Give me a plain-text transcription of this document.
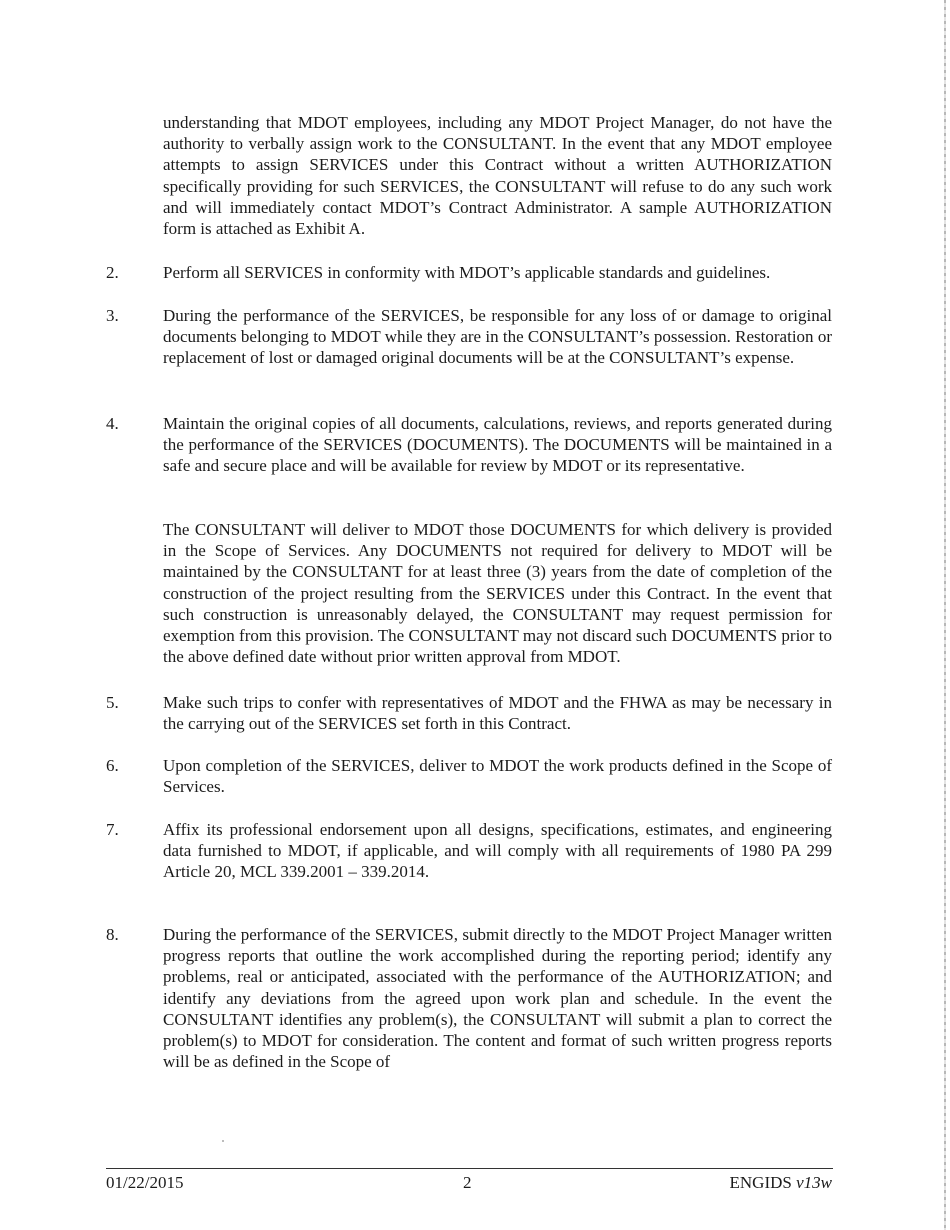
understanding that MDOT employees, including any MDOT Project Manager, do not have the authority to verbally assign work to the CONSULTANT. In the event that any MDOT employee attempts to assign SERVICES under this Contract without a written AUTHORIZATION specifically providing for such SERVICES, the CONSULTANT will refuse to do any such work and will immediately contact MDOT’s Contract Administrator. A sample AUTHORIZATION form is attached as Exhibit A.

2.	Perform all SERVICES in conformity with MDOT’s applicable standards and guidelines.

3.	During the performance of the SERVICES, be responsible for any loss of or damage to original documents belonging to MDOT while they are in the CONSULTANT’s possession. Restoration or replacement of lost or damaged original documents will be at the CONSULTANT’s expense.

4.	Maintain the original copies of all documents, calculations, reviews, and reports generated during the performance of the SERVICES (DOCUMENTS). The DOCUMENTS will be maintained in a safe and secure place and will be available for review by MDOT or its representative.

The CONSULTANT will deliver to MDOT those DOCUMENTS for which delivery is provided in the Scope of Services. Any DOCUMENTS not required for delivery to MDOT will be maintained by the CONSULTANT for at least three (3) years from the date of completion of the construction of the project resulting from the SERVICES under this Contract. In the event that such construction is unreasonably delayed, the CONSULTANT may request permission for exemption from this provision. The CONSULTANT may not discard such DOCUMENTS prior to the above defined date without prior written approval from MDOT.

5.	Make such trips to confer with representatives of MDOT and the FHWA as may be necessary in the carrying out of the SERVICES set forth in this Contract.

6.	Upon completion of the SERVICES, deliver to MDOT the work products defined in the Scope of Services.

7.	Affix its professional endorsement upon all designs, specifications, estimates, and engineering data furnished to MDOT, if applicable, and will comply with all requirements of 1980 PA 299 Article 20, MCL 339.2001 – 339.2014.

8.	During the performance of the SERVICES, submit directly to the MDOT Project Manager written progress reports that outline the work accomplished during the reporting period; identify any problems, real or anticipated, associated with the performance of the AUTHORIZATION; and identify any deviations from the agreed upon work plan and schedule. In the event the CONSULTANT identifies any problem(s), the CONSULTANT will submit a plan to correct the problem(s) to MDOT for consideration. The content and format of such written progress reports will be as defined in the Scope of

01/22/2015	2	ENGIDS v13w
